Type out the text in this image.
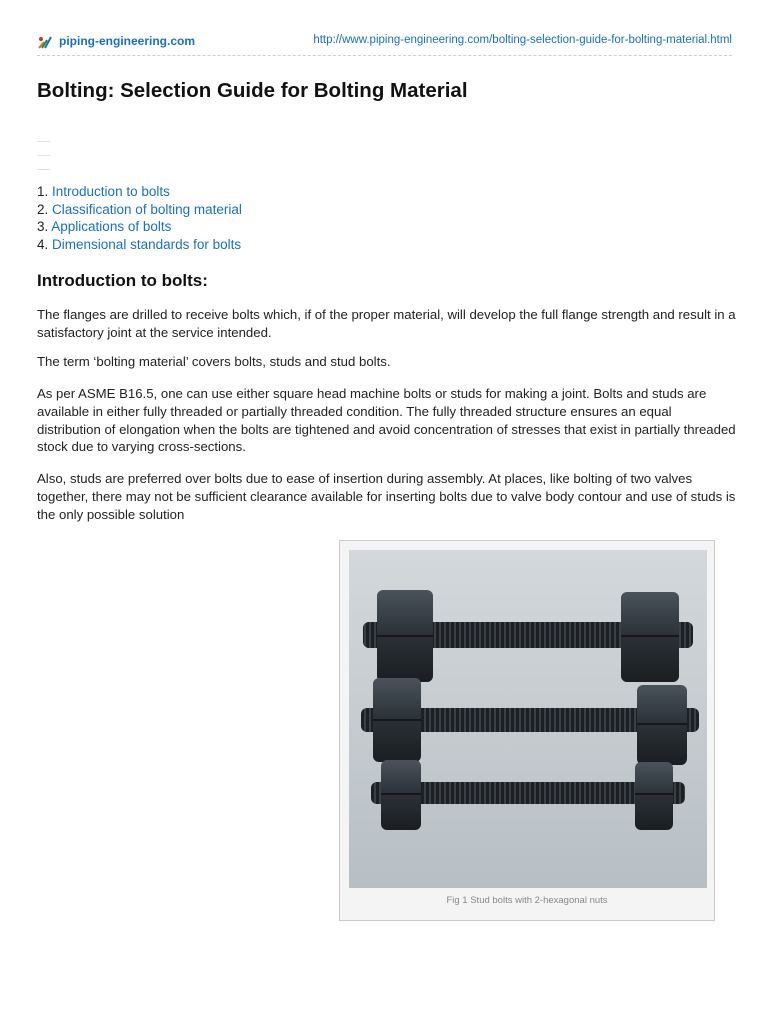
piping-engineering.com	http://www.piping-engineering.com/bolting-selection-guide-for-bolting-material.html
Bolting: Selection Guide for Bolting Material
1. Introduction to bolts
2. Classification of bolting material
3. Applications of bolts
4. Dimensional standards for bolts
Introduction to bolts:

The flanges are drilled to receive bolts which, if of the proper material, will develop the full flange strength and result in a satisfactory joint at the service intended.

The term ‘bolting material’ covers bolts, studs and stud bolts.

As per ASME B16.5, one can use either square head machine bolts or studs for making a joint. Bolts and studs are available in either fully threaded or partially threaded condition. The fully threaded structure ensures an equal distribution of elongation when the bolts are tightened and avoid concentration of stresses that exist in partially threaded stock due to varying cross-sections.

Also, studs are preferred over bolts due to ease of insertion during assembly. At places, like bolting of two valves together, there may not be sufficient clearance available for inserting bolts due to valve body contour and use of studs is the only possible solution

Fig 1 Stud bolts with 2-hexagonal nuts
